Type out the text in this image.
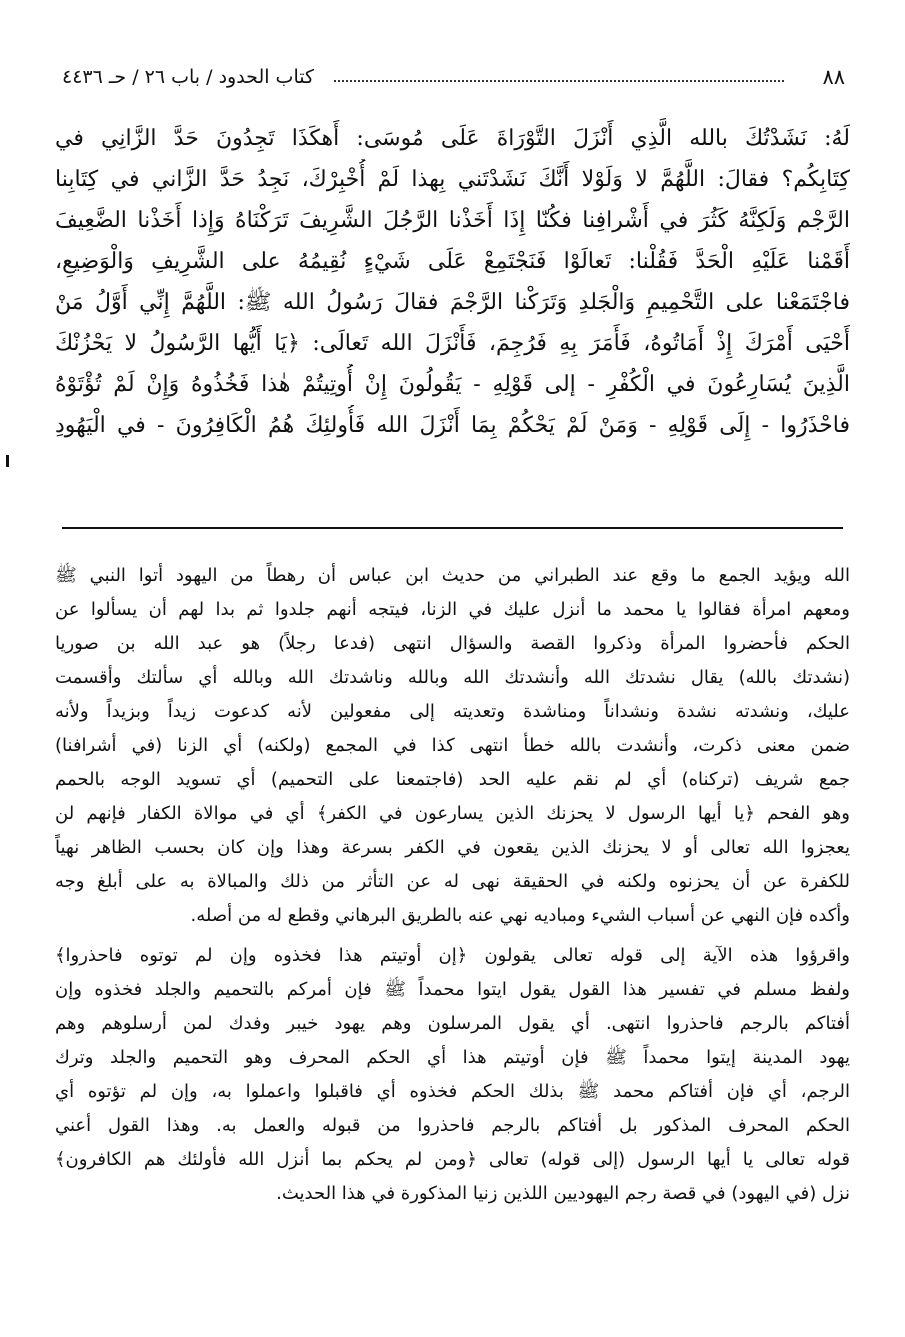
٨٨
كتاب الحدود / باب ٢٦ / حـ ٤٤٣٦
لَهُ: نَشَدْتُكَ بالله الَّذِي أَنْزَلَ التَّوْرَاةَ عَلَى مُوسَى: أَهكَذَا تَجِدُونَ حَدَّ الزَّانِي في
كِتَابِكُم؟ فقالَ: اللَّهُمَّ لا وَلَوْلا أَنَّكَ نَشَدْتَني بِهذا لَمْ أُخْبِرْكَ، نَجِدُ حَدَّ الزَّاني في كِتَابِنا
الرَّجْم وَلَكِنَّهُ كَثُرَ في أَشْرافِنا فكُنّا إِذَا أَخَذْنا الرَّجُلَ الشَّرِيفَ تَرَكْنَاهُ وَإِذا أَخَذْنا الضَّعِيفَ
أَقَمْنا عَلَيْهِ الْحَدَّ فَقُلْنا: تَعالَوْا فَنَجْتَمِعْ عَلَى شَيْءٍ نُقِيمُهُ على الشَّرِيفِ وَالْوَضِيعِ،
فاجْتَمَعْنا على التَّحْمِيمِ وَالْجَلدِ وَتَرَكْنا الرَّجْمَ فقالَ رَسُولُ الله ﷺ: اللَّهُمَّ إِنِّي أَوَّلُ مَنْ
أَحْيَى أَمْرَكَ إِذْ أَمَاتُوهُ، فَأَمَرَ بِهِ فَرُجِمَ، فَأَنْزَلَ الله تَعالَى: ﴿يَا أَيُّها الرَّسُولُ لا يَحْزُنْكَ
الَّذِينَ يُسَارِعُونَ في الْكُفْرِ - إلى قَوْلِهِ - يَقُولُونَ إِنْ أُوتِيتُمْ هٰذا فَخُذُوهُ وَإِنْ لَمْ تُؤْتَوْهُ
فاحْذَرُوا - إِلَى قَوْلِهِ - وَمَنْ لَمْ يَحْكُمْ بِمَا أَنْزَلَ الله فَأُولئِكَ هُمُ الْكَافِرُونَ - في الْيَهُودِ
الله ويؤيد الجمع ما وقع عند الطبراني من حديث ابن عباس أن رهطاً من اليهود أتوا النبي ﷺ
ومعهم امرأة فقالوا يا محمد ما أنزل عليك في الزنا، فيتجه أنهم جلدوا ثم بدا لهم أن يسألوا عن
الحكم فأحضروا المرأة وذكروا القصة والسؤال انتهى (فدعا رجلاً) هو عبد الله بن صوريا
(نشدتك بالله) يقال نشدتك الله وأنشدتك الله وبالله وناشدتك الله وبالله أي سألتك وأقسمت
عليك، ونشدته نشدة ونشداناً ومناشدة وتعديته إلى مفعولين لأنه كدعوت زيداً وبزيداً ولأنه
ضمن معنى ذكرت، وأنشدت بالله خطأ انتهى كذا في المجمع (ولكنه) أي الزنا (في أشرافنا)
جمع شريف (تركناه) أي لم نقم عليه الحد (فاجتمعنا على التحميم) أي تسويد الوجه بالحمم
وهو الفحم ﴿يا أيها الرسول لا يحزنك الذين يسارعون في الكفر﴾ أي في موالاة الكفار فإنهم لن
يعجزوا الله تعالى أو لا يحزنك الذين يقعون في الكفر بسرعة وهذا وإن كان بحسب الظاهر نهياً
للكفرة عن أن يحزنوه ولكنه في الحقيقة نهى له عن التأثر من ذلك والمبالاة به على أبلغ وجه
وأكده فإن النهي عن أسباب الشيء ومباديه نهي عنه بالطريق البرهاني وقطع له من أصله.
واقرؤوا هذه الآية إلى قوله تعالى يقولون ﴿إن أوتيتم هذا فخذوه وإن لم توتوه فاحذروا﴾
ولفظ مسلم في تفسير هذا القول يقول ايتوا محمداً ﷺ فإن أمركم بالتحميم والجلد فخذوه وإن
أفتاكم بالرجم فاحذروا انتهى. أي يقول المرسلون وهم يهود خيبر وفدك لمن أرسلوهم وهم
يهود المدينة إيتوا محمداً ﷺ فإن أوتيتم هذا أي الحكم المحرف وهو التحميم والجلد وترك
الرجم، أي فإن أفتاكم محمد ﷺ بذلك الحكم فخذوه أي فاقبلوا واعملوا به، وإن لم تؤتوه أي
الحكم المحرف المذكور بل أفتاكم بالرجم فاحذروا من قبوله والعمل به. وهذا القول أعني
قوله تعالى يا أيها الرسول (إلى قوله) تعالى ﴿ومن لم يحكم بما أنزل الله فأولئك هم الكافرون﴾
نزل (في اليهود) في قصة رجم اليهوديين اللذين زنيا المذكورة في هذا الحديث.
